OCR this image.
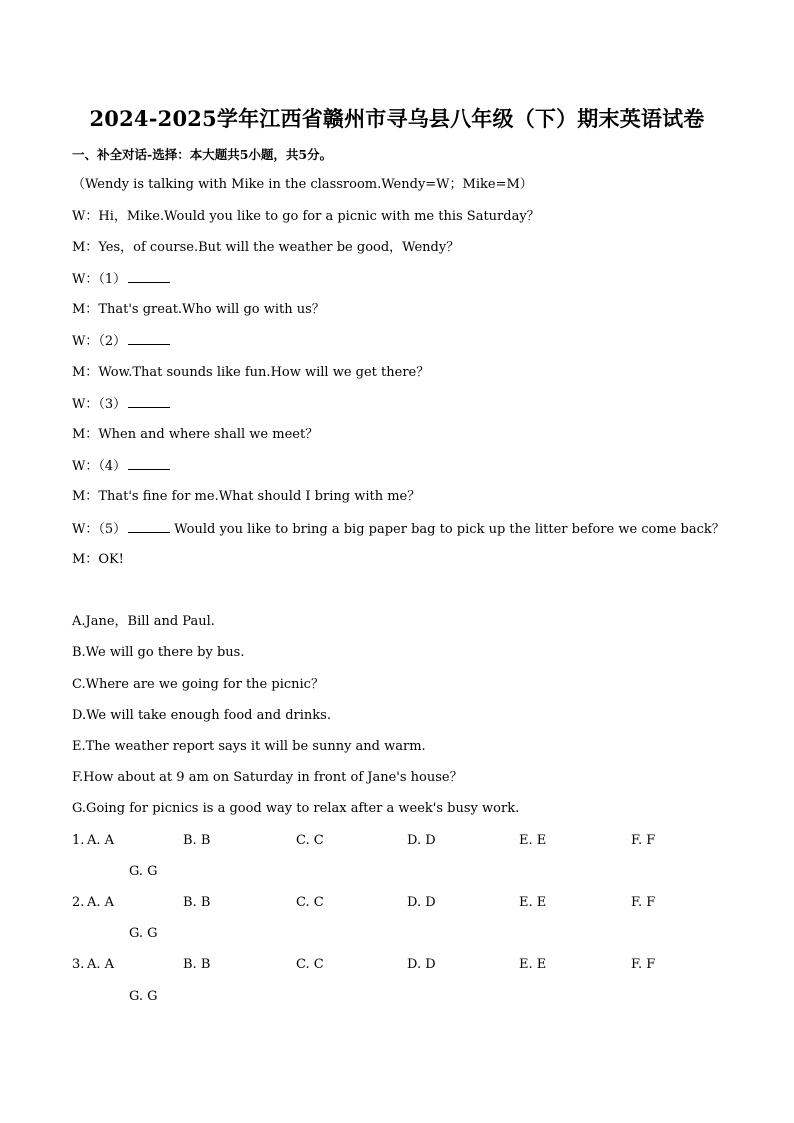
2024-2025学年江西省赣州市寻乌县八年级（下）期末英语试卷
一、补全对话-选择：本大题共5小题，共5分。
（Wendy is talking with Mike in the classroom.Wendy=W；Mike=M）
W：Hi，Mike.Would you like to go for a picnic with me this Saturday？
M：Yes，of course.But will the weather be good，Wendy？
W：（1）
M：That's great.Who will go with us？
W：（2）
M：Wow.That sounds like fun.How will we get there？
W：（3）
M：When and where shall we meet？
W：（4）
M：That's fine for me.What should I bring with me？
W：（5）	Would you like to bring a big paper bag to pick up the litter before we come back？
M：OK!
A.Jane，Bill and Paul.
B.We will go there by bus.
C.Where are we going for the picnic？
D.We will take enough food and drinks.
E.The weather report says it will be sunny and warm.
F.How about at 9 am on Saturday in front of Jane's house？
G.Going for picnics is a good way to relax after a week's busy work.
1. A. A	B. B	C. C	D. D	E. E	F. F
G. G
2. A. A	B. B	C. C	D. D	E. E	F. F
G. G
3. A. A	B. B	C. C	D. D	E. E	F. F
G. G
